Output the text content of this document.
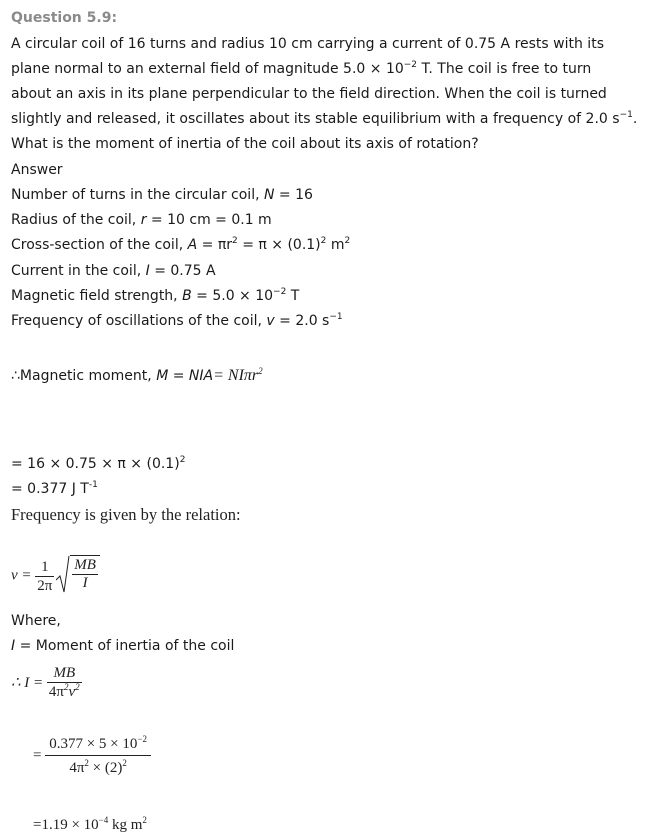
Question 5.9:
A circular coil of 16 turns and radius 10 cm carrying a current of 0.75 A rests with its
plane normal to an external field of magnitude $5.0 \times 10^{-2}$ T. The coil is free to turn
about an axis in its plane perpendicular to the field direction. When the coil is turned
slightly and released, it oscillates about its stable equilibrium with a frequency of 2.0 $s^{-1}$.
What is the moment of inertia of the coil about its axis of rotation?
Answer
Number of turns in the circular coil, N = 16
Radius of the coil, r = 10 cm = 0.1 m
Cross-section of the coil, $A = \pi r^2 = \pi \times (0.1)^2$ $m^2$
Current in the coil, I = 0.75 A
Magnetic field strength, $B = 5.0 \times 10^{-2}$ T
Frequency of oscillations of the coil, v = 2.0 $s^{-1}$
∴Magnetic moment, M = NIA= NIπr$^2$
= $16 \times 0.75 \times \pi \times (0.1)^2$
= 0.377 J $T^{-1}$
Frequency is given by the relation:
$v = \frac{1}{2\pi}$
MB
I
Where,
I = Moment of inertia of the coil
∴ $I = \frac{MB}{4\pi^2v^2}$
= $\frac{0.377 \times 5 \times 10^{-2}}{4\pi^2 \times (2)^2}$
$=1.19 \times 10^{-4}$ kg $m^2$
